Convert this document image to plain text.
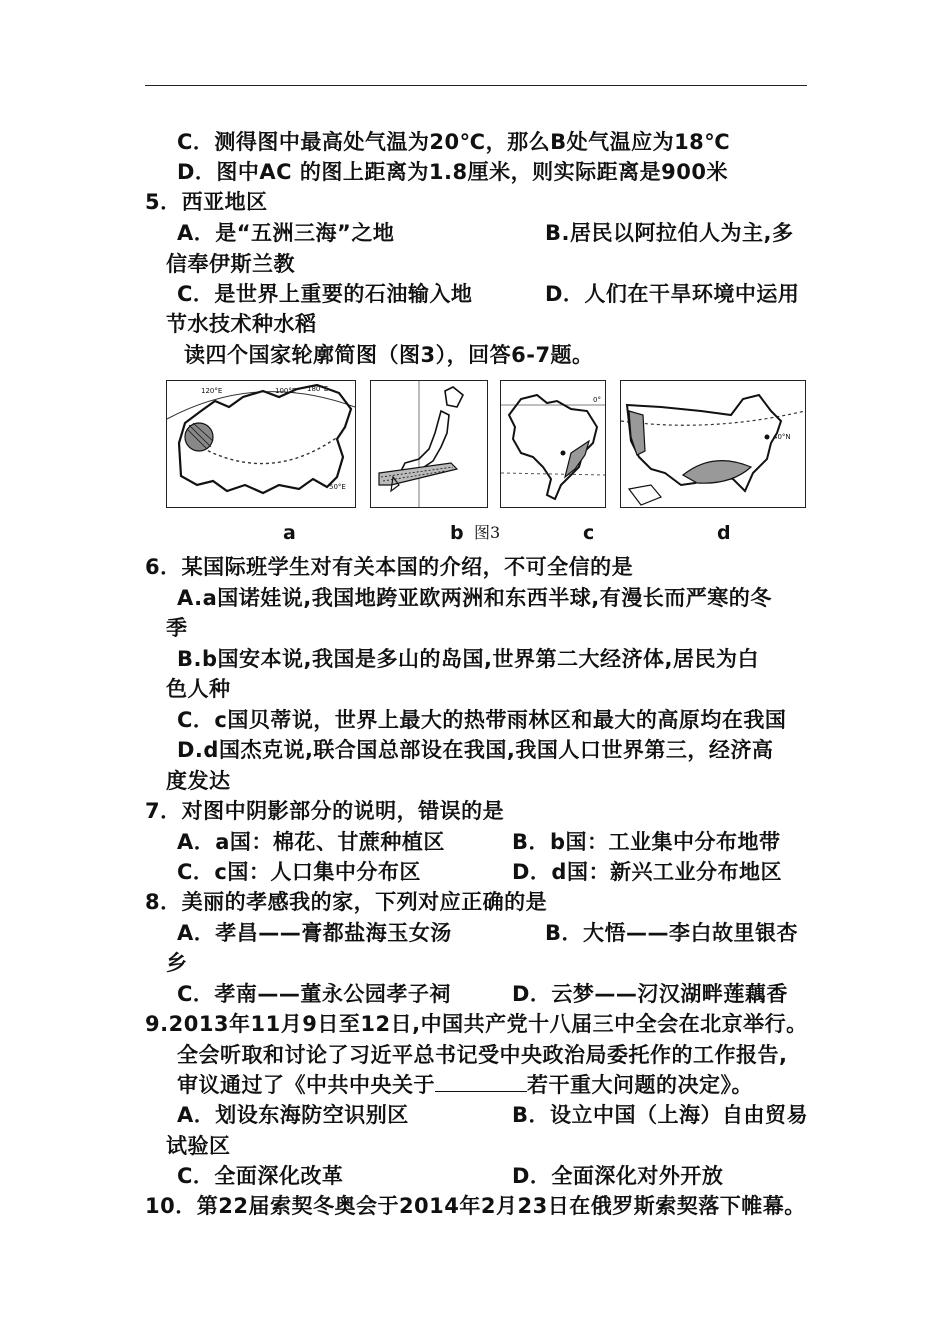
C．测得图中最高处气温为20℃，那么B处气温应为18℃
D．图中AC 的图上距离为1.8厘米，则实际距离是900米
5．西亚地区
A．是“五洲三海”之地	B.居民以阿拉伯人为主,多
信奉伊斯兰教
C．是世界上重要的石油输入地	D．人们在干旱环境中运用
节水技术种水稻
读四个国家轮廓简图（图3），回答6-7题。
120°E	100°E 180°E
50°E
0°
40°N
a	b 图3	c	d
6．某国际班学生对有关本国的介绍，不可全信的是
A.a国诺娃说,我国地跨亚欧两洲和东西半球,有漫长而严寒的冬
季
B.b国安本说,我国是多山的岛国,世界第二大经济体,居民为白
色人种
C．c国贝蒂说，世界上最大的热带雨林区和最大的高原均在我国
D.d国杰克说,联合国总部设在我国,我国人口世界第三，经济高
度发达
7．对图中阴影部分的说明，错误的是
A．a国：棉花、甘蔗种植区	B．b国：工业集中分布地带
C．c国：人口集中分布区	D．d国：新兴工业分布地区
8．美丽的孝感我的家，下列对应正确的是
A．孝昌——膏都盐海玉女汤	B．大悟——李白故里银杏
乡
C．孝南——董永公园孝子祠	D．云梦——汈汉湖畔莲藕香
9.2013年11月9日至12日,中国共产党十八届三中全会在北京举行。
全会听取和讨论了习近平总书记受中央政治局委托作的工作报告,
审议通过了《中共中央关于	若干重大问题的决定》。
A．划设东海防空识别区	B．设立中国（上海）自由贸易
试验区
C．全面深化改革	D．全面深化对外开放
10．第22届索契冬奥会于2014年2月23日在俄罗斯索契落下帷幕。
